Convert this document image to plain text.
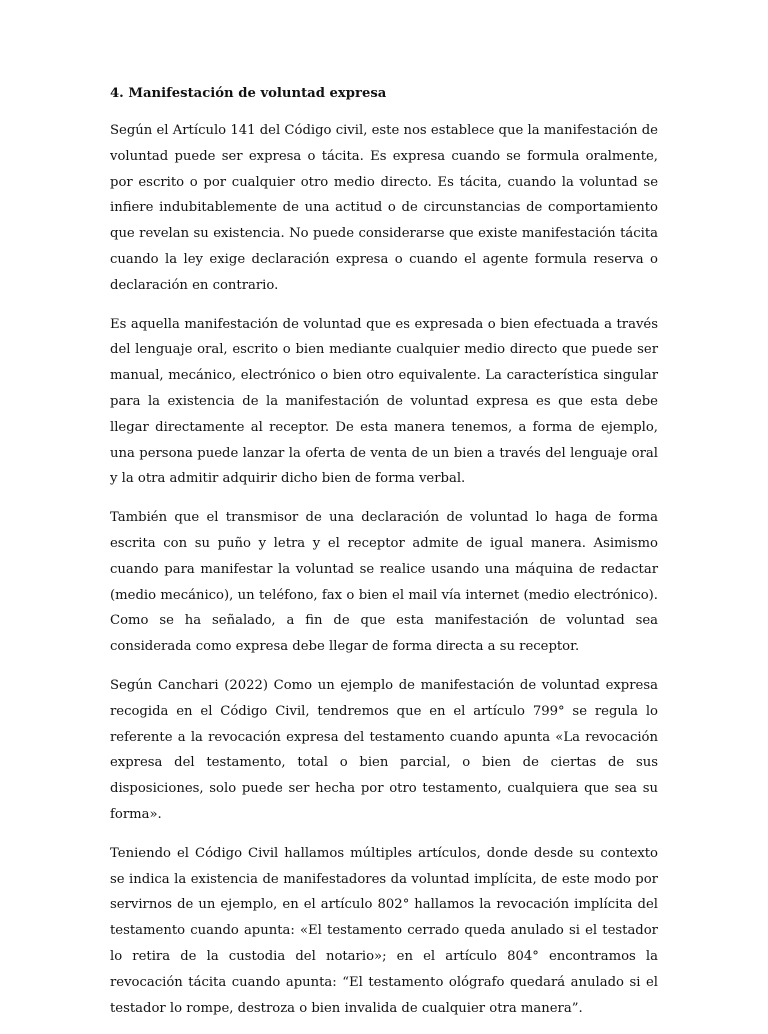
4. Manifestación de voluntad expresa

Según el Artículo 141 del Código civil, este nos establece que la manifestación de voluntad puede ser expresa o tácita. Es expresa cuando se formula oralmente, por escrito o por cualquier otro medio directo. Es tácita, cuando la voluntad se infiere indubitablemente de una actitud o de circunstancias de comportamiento que revelan su existencia. No puede considerarse que existe manifestación tácita cuando la ley exige declaración expresa o cuando el agente formula reserva o declaración en contrario.

Es aquella manifestación de voluntad que es expresada o bien efectuada a través del lenguaje oral, escrito o bien mediante cualquier medio directo que puede ser manual, mecánico, electrónico o bien otro equivalente. La característica singular para la existencia de la manifestación de voluntad expresa es que esta debe llegar directamente al receptor. De esta manera tenemos, a forma de ejemplo, una persona puede lanzar la oferta de venta de un bien a través del lenguaje oral y la otra admitir adquirir dicho bien de forma verbal.

También que el transmisor de una declaración de voluntad lo haga de forma escrita con su puño y letra y el receptor admite de igual manera. Asimismo cuando para manifestar la voluntad se realice usando una máquina de redactar (medio mecánico), un teléfono, fax o bien el mail vía internet (medio electrónico). Como se ha señalado, a fin de que esta manifestación de voluntad sea considerada como expresa debe llegar de forma directa a su receptor.

Según Canchari (2022) Como un ejemplo de manifestación de voluntad expresa recogida en el Código Civil, tendremos que en el artículo 799° se regula lo referente a la revocación expresa del testamento cuando apunta «La revocación expresa del testamento, total o bien parcial, o bien de ciertas de sus disposiciones, solo puede ser hecha por otro testamento, cualquiera que sea su forma».

Teniendo el Código Civil hallamos múltiples artículos, donde desde su contexto se indica la existencia de manifestadores da voluntad implícita, de este modo por servirnos de un ejemplo, en el artículo 802° hallamos la revocación implícita del testamento cuando apunta: «El testamento cerrado queda anulado si el testador lo retira de la custodia del notario»; en el artículo 804° encontramos la revocación tácita cuando apunta: “El testamento ológrafo quedará anulado si el testador lo rompe, destroza o bien invalida de cualquier otra manera”.
